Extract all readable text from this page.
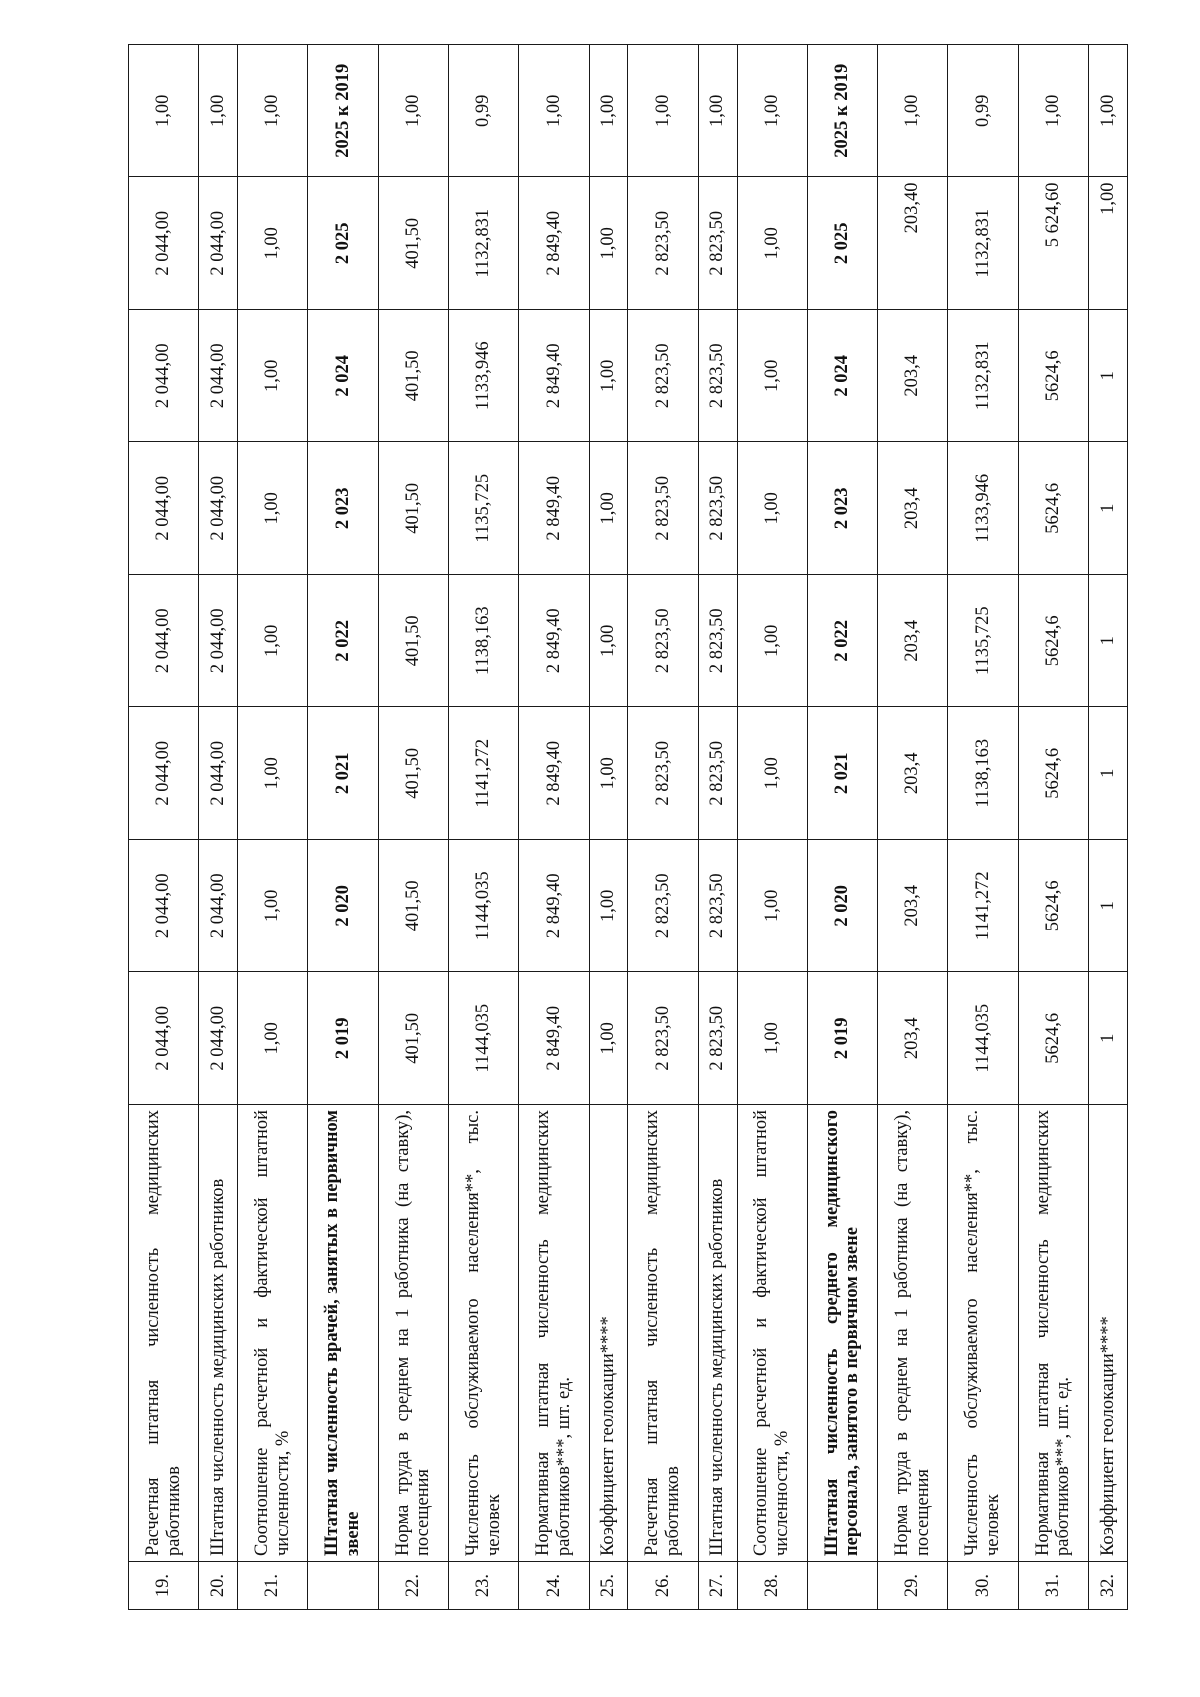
19.	Расчетная штатная численность медицинских работников	2 044,00	2 044,00	2 044,00	2 044,00	2 044,00	2 044,00	2 044,00	1,00
20.	Штатная численность медицинских работников	2 044,00	2 044,00	2 044,00	2 044,00	2 044,00	2 044,00	2 044,00	1,00
21.	Соотношение расчетной и фактической штатной численности, %	1,00	1,00	1,00	1,00	1,00	1,00	1,00	1,00
	Штатная численность врачей, занятых в первичном звене	2 019	2 020	2 021	2 022	2 023	2 024	2 025	2025 к 2019
22.	Норма труда в среднем на 1 работника (на ставку), посещения	401,50	401,50	401,50	401,50	401,50	401,50	401,50	1,00
23.	Численность обслуживаемого населения**, тыс. человек	1144,035	1144,035	1141,272	1138,163	1135,725	1133,946	1132,831	0,99
24.	Нормативная штатная численность медицинских работников***, шт. ед.	2 849,40	2 849,40	2 849,40	2 849,40	2 849,40	2 849,40	2 849,40	1,00
25.	Коэффициент геолокации****	1,00	1,00	1,00	1,00	1,00	1,00	1,00	1,00
26.	Расчетная штатная численность медицинских работников	2 823,50	2 823,50	2 823,50	2 823,50	2 823,50	2 823,50	2 823,50	1,00
27.	Штатная численность медицинских работников	2 823,50	2 823,50	2 823,50	2 823,50	2 823,50	2 823,50	2 823,50	1,00
28.	Соотношение расчетной и фактической штатной численности, %	1,00	1,00	1,00	1,00	1,00	1,00	1,00	1,00
	Штатная численность среднего медицинского персонала, занятого в первичном звене	2 019	2 020	2 021	2 022	2 023	2 024	2 025	2025 к 2019
29.	Норма труда в среднем на 1 работника (на ставку), посещения	203,4	203,4	203,4	203,4	203,4	203,4	203,40	1,00
30.	Численность обслуживаемого населения**, тыс. человек	1144,035	1141,272	1138,163	1135,725	1133,946	1132,831	1132,831	0,99
31.	Нормативная штатная численность медицинских работников***, шт. ед.	5624,6	5624,6	5624,6	5624,6	5624,6	5624,6	5 624,60	1,00
32.	Коэффициент геолокации****	1	1	1	1	1	1	1,00	1,00
